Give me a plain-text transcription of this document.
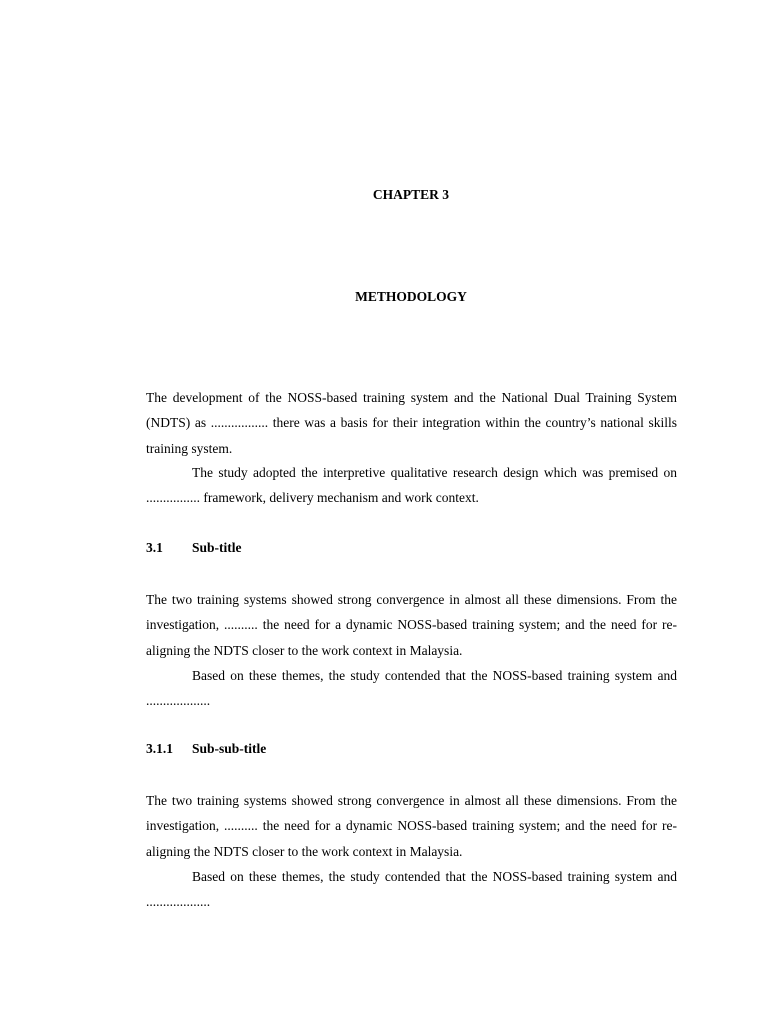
CHAPTER 3
METHODOLOGY

The development of the NOSS-based training system and the National Dual Training System (NDTS) as ................. there was a basis for their integration within the country’s national skills training system.

The study adopted the interpretive qualitative research design which was premised on ................ framework, delivery mechanism and work context.

3.1 Sub-title

The two training systems showed strong convergence in almost all these dimensions. From the investigation, .......... the need for a dynamic NOSS-based training system; and the need for re-aligning the NDTS closer to the work context in Malaysia.

Based on these themes, the study contended that the NOSS-based training system and ...................

3.1.1 Sub-sub-title

The two training systems showed strong convergence in almost all these dimensions. From the investigation, .......... the need for a dynamic NOSS-based training system; and the need for re-aligning the NDTS closer to the work context in Malaysia.

Based on these themes, the study contended that the NOSS-based training system and ...................
